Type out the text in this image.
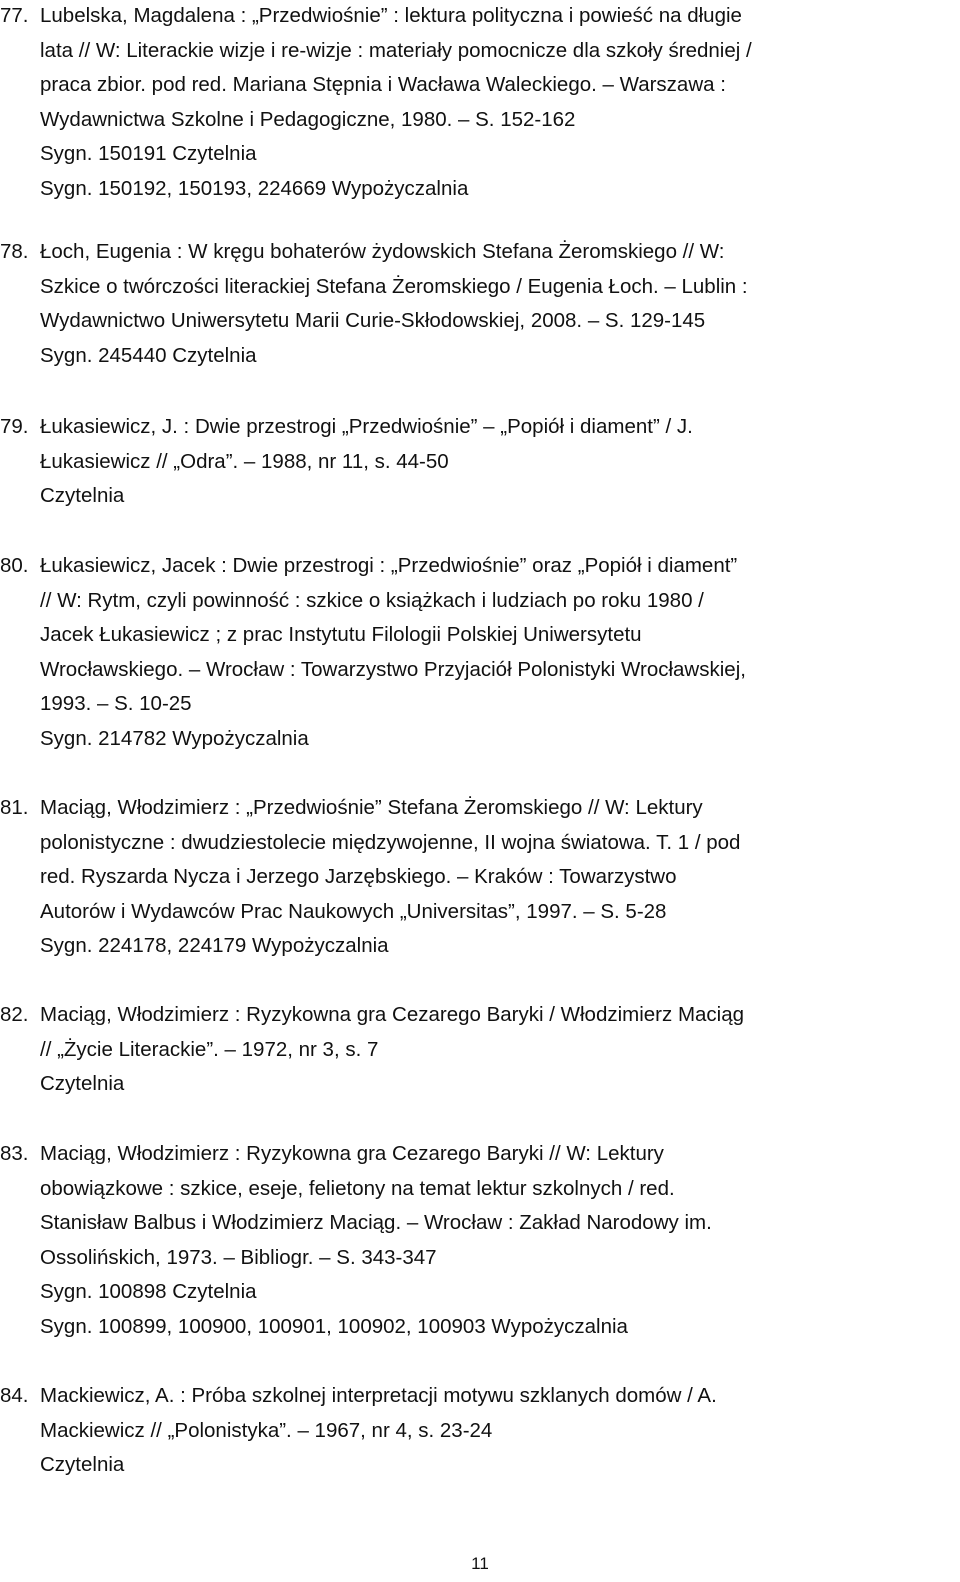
77. Lubelska, Magdalena : „Przedwiośnie” : lektura polityczna i powieść na długie
lata // W: Literackie wizje i re-wizje : materiały pomocnicze dla szkoły średniej /
praca zbior. pod red. Mariana Stępnia i Wacława Waleckiego. – Warszawa :
Wydawnictwa Szkolne i Pedagogiczne, 1980. – S. 152-162
Sygn. 150191 Czytelnia
Sygn. 150192, 150193, 224669 Wypożyczalnia
78. Łoch, Eugenia : W kręgu bohaterów żydowskich Stefana Żeromskiego // W:
Szkice o twórczości literackiej Stefana Żeromskiego / Eugenia Łoch. – Lublin :
Wydawnictwo Uniwersytetu Marii Curie-Skłodowskiej, 2008. – S. 129-145
Sygn. 245440 Czytelnia
79. Łukasiewicz, J. : Dwie przestrogi „Przedwiośnie” – „Popiół i diament” / J.
Łukasiewicz // „Odra”. – 1988, nr 11, s. 44-50
Czytelnia
80. Łukasiewicz, Jacek : Dwie przestrogi : „Przedwiośnie” oraz „Popiół i diament”
// W: Rytm, czyli powinność : szkice o książkach i ludziach po roku 1980 /
Jacek Łukasiewicz ; z prac Instytutu Filologii Polskiej Uniwersytetu
Wrocławskiego. – Wrocław : Towarzystwo Przyjaciół Polonistyki Wrocławskiej,
1993. – S. 10-25
Sygn. 214782 Wypożyczalnia
81. Maciąg, Włodzimierz : „Przedwiośnie” Stefana Żeromskiego // W: Lektury
polonistyczne : dwudziestolecie międzywojenne, II wojna światowa. T. 1 / pod
red. Ryszarda Nycza i Jerzego Jarzębskiego. – Kraków : Towarzystwo
Autorów i Wydawców Prac Naukowych „Universitas”, 1997. – S. 5-28
Sygn. 224178, 224179 Wypożyczalnia
82. Maciąg, Włodzimierz : Ryzykowna gra Cezarego Baryki / Włodzimierz Maciąg
// „Życie Literackie”. – 1972, nr 3, s. 7
Czytelnia
83. Maciąg, Włodzimierz : Ryzykowna gra Cezarego Baryki // W: Lektury
obowiązkowe : szkice, eseje, felietony na temat lektur szkolnych / red.
Stanisław Balbus i Włodzimierz Maciąg. – Wrocław : Zakład Narodowy im.
Ossolińskich, 1973. – Bibliogr. – S. 343-347
Sygn. 100898 Czytelnia
Sygn. 100899, 100900, 100901, 100902, 100903 Wypożyczalnia
84. Mackiewicz, A. : Próba szkolnej interpretacji motywu szklanych domów / A.
Mackiewicz // „Polonistyka”. – 1967, nr 4, s. 23-24
Czytelnia
11
